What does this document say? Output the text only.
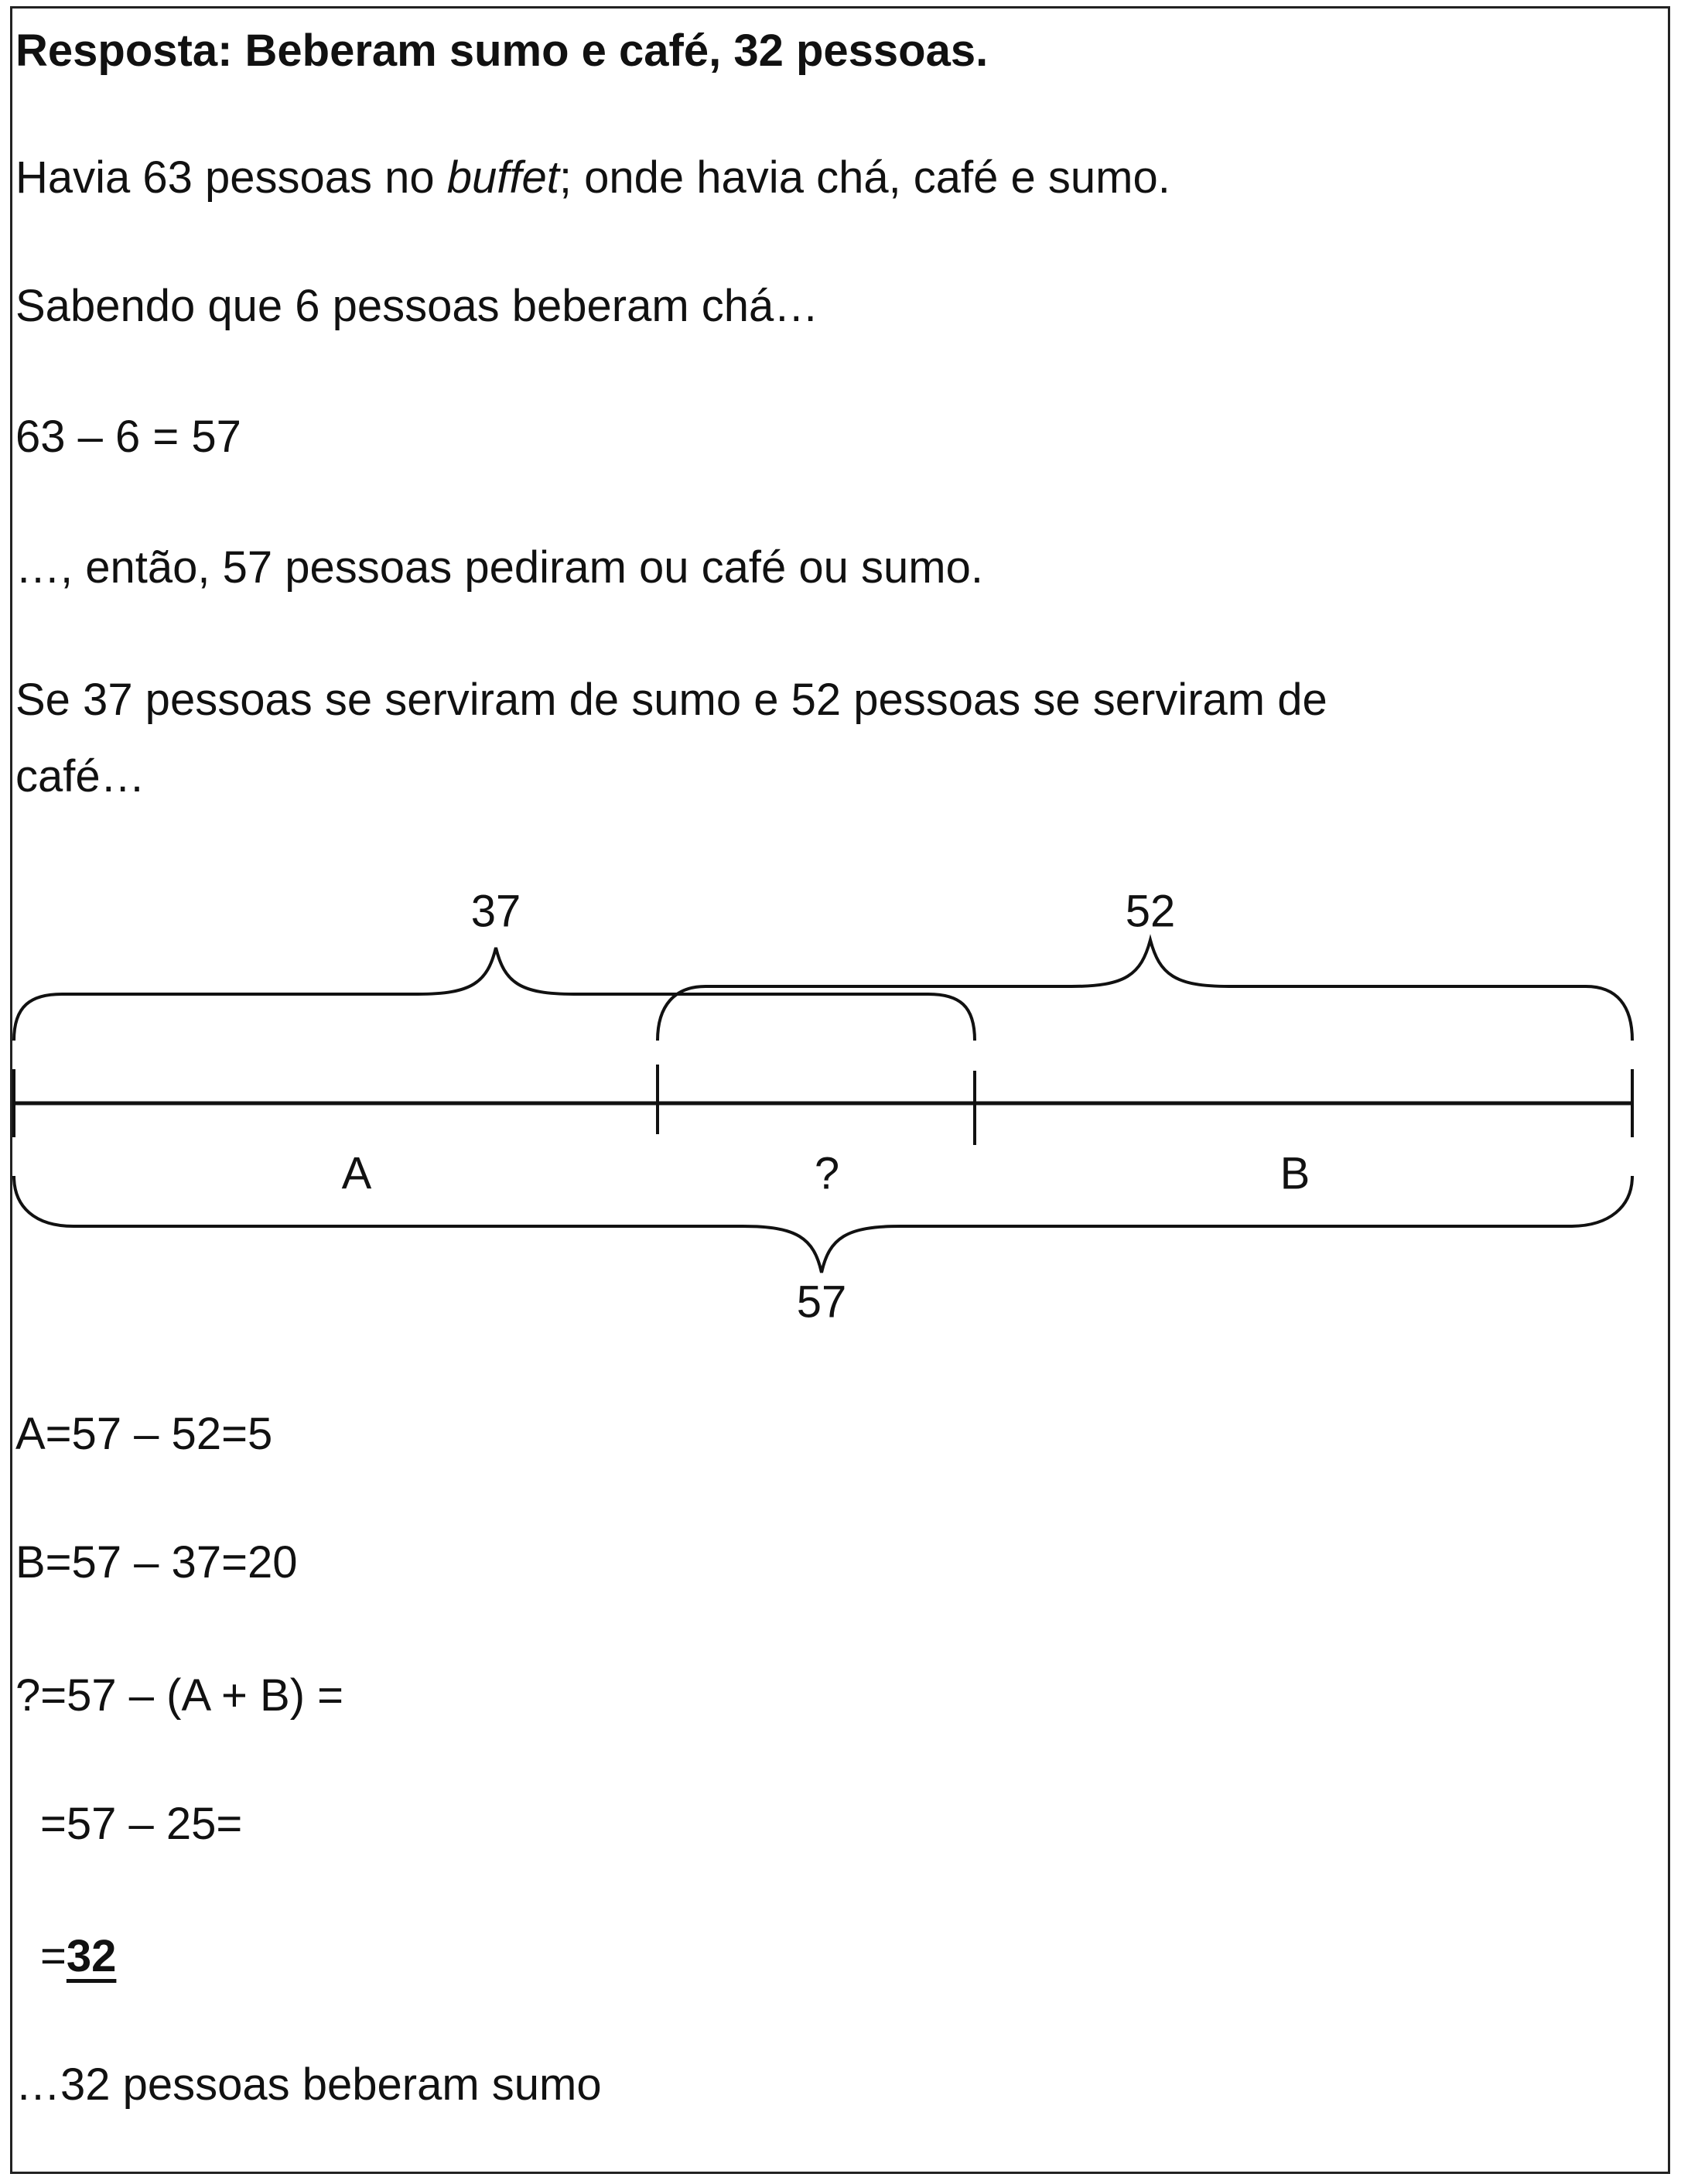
Resposta: Beberam sumo e café, 32 pessoas.
Havia 63 pessoas no buffet; onde havia chá, café e sumo.
Sabendo que 6 pessoas beberam chá…
63 – 6 = 57
…, então, 57 pessoas pediram ou café ou sumo.
Se 37 pessoas se serviram de sumo e 52 pessoas se serviram de
café…
37	52
A	?	B
57
A=57 – 52=5
B=57 – 37=20
?=57 – (A + B) =
=57 – 25=
=32
…32 pessoas beberam sumo
